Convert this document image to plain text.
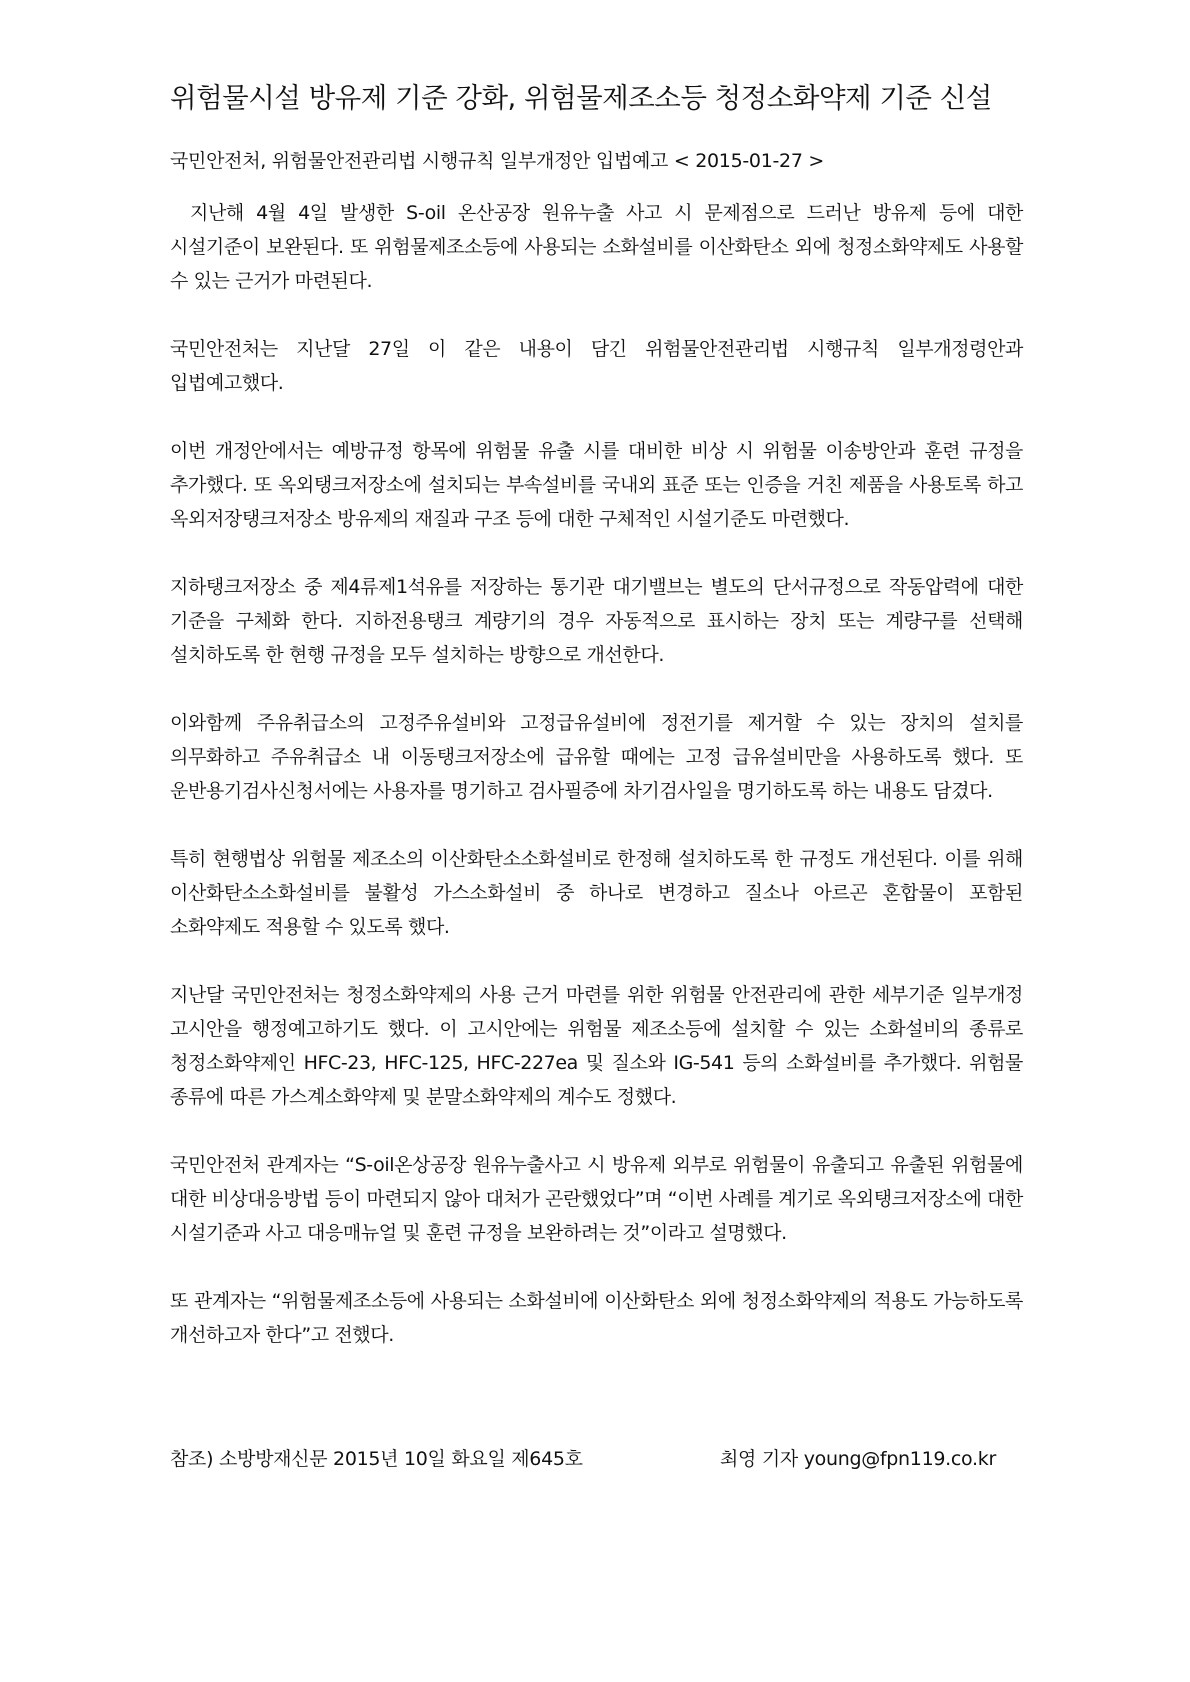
위험물시설 방유제 기준 강화, 위험물제조소등 청정소화약제 기준 신설
국민안전처, 위험물안전관리법 시행규칙 일부개정안 입법예고 < 2015-01-27 >

지난해 4월 4일 발생한 S-oil 온산공장 원유누출 사고 시 문제점으로 드러난 방유제 등에 대한 시설기준이 보완된다. 또 위험물제조소등에 사용되는 소화설비를 이산화탄소 외에 청정소화약제도 사용할 수 있는 근거가 마련된다.

국민안전처는 지난달 27일 이 같은 내용이 담긴 위험물안전관리법 시행규칙 일부개정령안과 입법예고했다.

이번 개정안에서는 예방규정 항목에 위험물 유출 시를 대비한 비상 시 위험물 이송방안과 훈련 규정을 추가했다. 또 옥외탱크저장소에 설치되는 부속설비를 국내외 표준 또는 인증을 거친 제품을 사용토록 하고 옥외저장탱크저장소 방유제의 재질과 구조 등에 대한 구체적인 시설기준도 마련했다.

지하탱크저장소 중 제4류제1석유를 저장하는 통기관 대기밸브는 별도의 단서규정으로 작동압력에 대한 기준을 구체화 한다. 지하전용탱크 계량기의 경우 자동적으로 표시하는 장치 또는 계량구를 선택해 설치하도록 한 현행 규정을 모두 설치하는 방향으로 개선한다.

이와함께 주유취급소의 고정주유설비와 고정급유설비에 정전기를 제거할 수 있는 장치의 설치를 의무화하고 주유취급소 내 이동탱크저장소에 급유할 때에는 고정 급유설비만을 사용하도록 했다. 또 운반용기검사신청서에는 사용자를 명기하고 검사필증에 차기검사일을 명기하도록 하는 내용도 담겼다.

특히 현행법상 위험물 제조소의 이산화탄소소화설비로 한정해 설치하도록 한 규정도 개선된다. 이를 위해 이산화탄소소화설비를 불활성 가스소화설비 중 하나로 변경하고 질소나 아르곤 혼합물이 포함된 소화약제도 적용할 수 있도록 했다.

지난달 국민안전처는 청정소화약제의 사용 근거 마련를 위한 위험물 안전관리에 관한 세부기준 일부개정 고시안을 행정예고하기도 했다. 이 고시안에는 위험물 제조소등에 설치할 수 있는 소화설비의 종류로 청정소화약제인 HFC-23, HFC-125, HFC-227ea 및 질소와 IG-541 등의 소화설비를 추가했다. 위험물 종류에 따른 가스계소화약제 및 분말소화약제의 계수도 정했다.

국민안전처 관계자는 “S-oil온상공장 원유누출사고 시 방유제 외부로 위험물이 유출되고 유출된 위험물에 대한 비상대응방법 등이 마련되지 않아 대처가 곤란했었다”며 “이번 사례를 계기로 옥외탱크저장소에 대한 시설기준과 사고 대응매뉴얼 및 훈련 규정을 보완하려는 것”이라고 설명했다.

또 관계자는 “위험물제조소등에 사용되는 소화설비에 이산화탄소 외에 청정소화약제의 적용도 가능하도록 개선하고자 한다”고 전했다.

참조) 소방방재신문 2015년 10일 화요일 제645호	최영 기자 young@fpn119.co.kr
